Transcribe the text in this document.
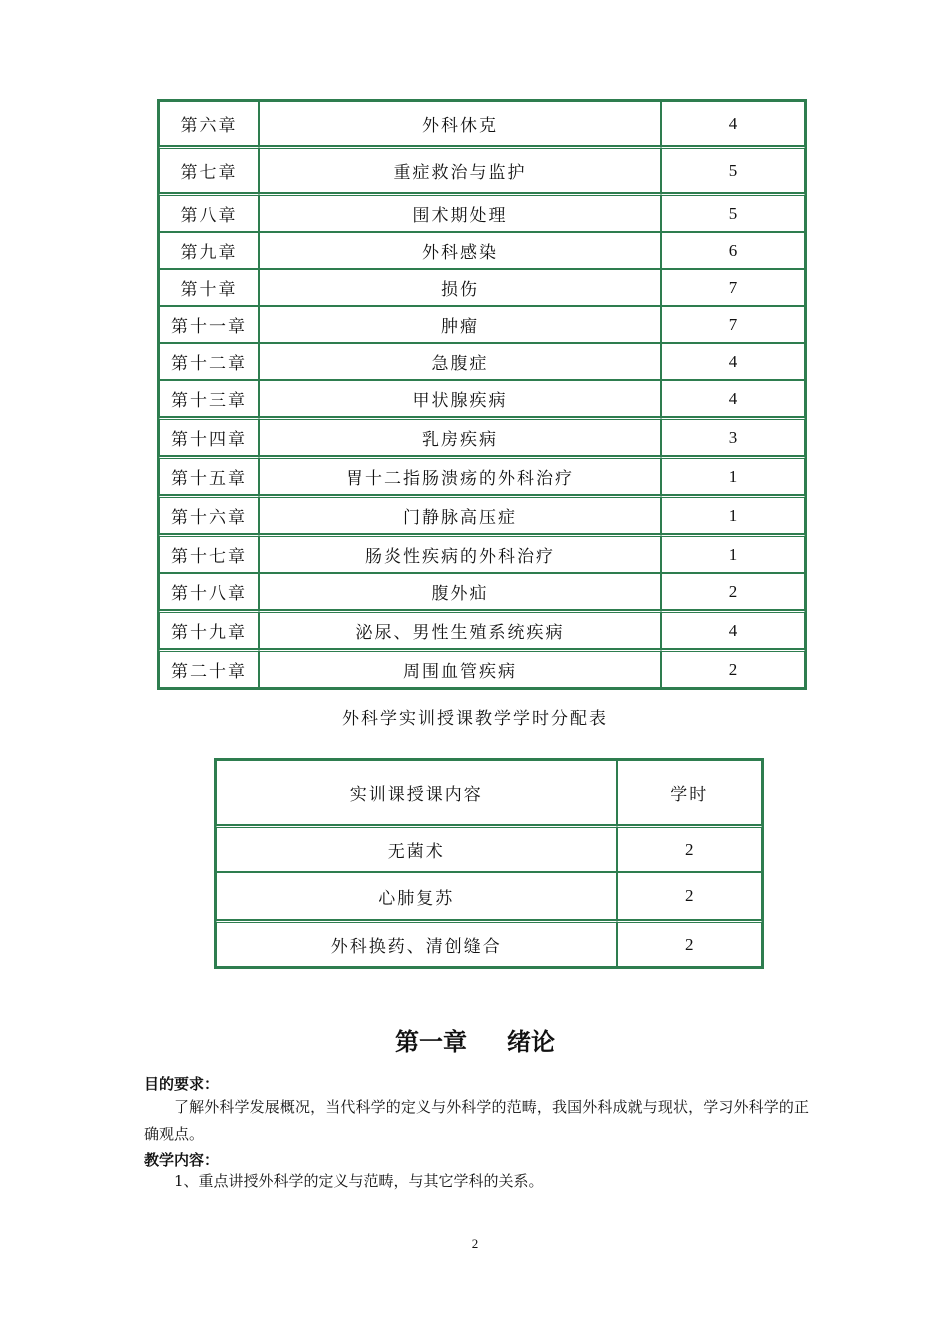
第六章	外科休克	4
第七章	重症救治与监护	5
第八章	围术期处理	5
第九章	外科感染	6
第十章	损伤	7
第十一章	肿瘤	7
第十二章	急腹症	4
第十三章	甲状腺疾病	4
第十四章	乳房疾病	3
第十五章	胃十二指肠溃疡的外科治疗	1
第十六章	门静脉高压症	1
第十七章	肠炎性疾病的外科治疗	1
第十八章	腹外疝	2
第十九章	泌尿、男性生殖系统疾病	4
第二十章	周围血管疾病	2
外科学实训授课教学学时分配表
实训课授课内容	学时
无菌术	2
心肺复苏	2
外科换药、清创缝合	2
第一章 绪论
目的要求：
了解外科学发展概况，当代科学的定义与外科学的范畴，我国外科成就与现状，学习外科学的正确观点。
教学内容：
1、重点讲授外科学的定义与范畴，与其它学科的关系。
2
